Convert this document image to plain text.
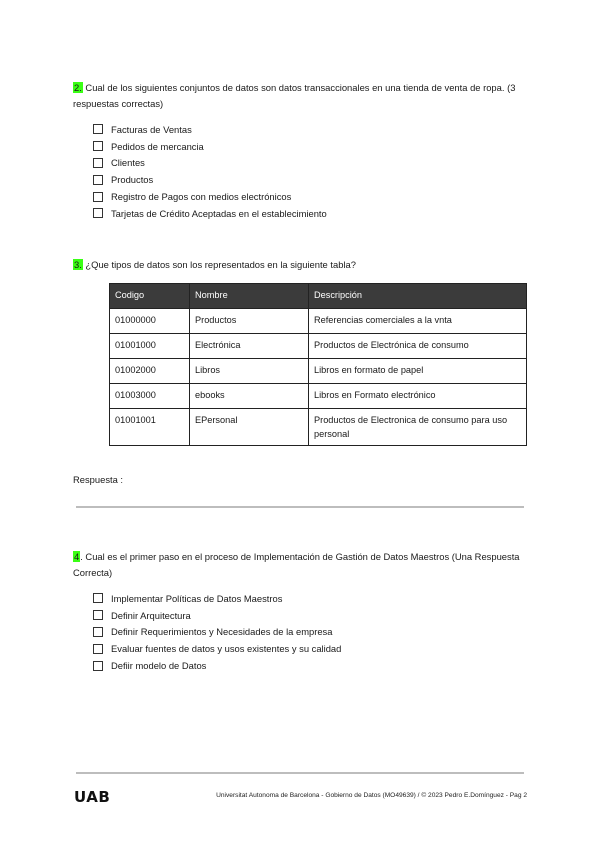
2. Cual de los siguientes conjuntos de datos son datos transaccionales en una tienda de venta de ropa. (3 respuestas correctas)
Facturas de Ventas
Pedidos de mercancia
Clientes
Productos
Registro de Pagos con medios electrónicos
Tarjetas de Crédito Aceptadas en el establecimiento
3. ¿Que tipos de datos son los representados en la siguiente tabla?
Codigo	Nombre	Descripción
01000000	Productos	Referencias comerciales a la vnta
01001000	Electrónica	Productos de Electrónica de consumo
01002000	Libros	Libros en formato de papel
01003000	ebooks	Libros en Formato electrónico
01001001	EPersonal	Productos de Electronica de consumo para uso personal
Respuesta :
4. Cual es el primer paso en el proceso de Implementación de Gastión de Datos Maestros (Una Respuesta Correcta)
Implementar Políticas de Datos Maestros
Definir Arquitectura
Definir Requerimientos y Necesidades de la empresa
Evaluar fuentes de datos y usos existentes y su calidad
Defiir modelo de Datos
UAB	Universitat Autonoma de Barcelona - Gobierno de Datos (MO49639) / © 2023 Pedro E.Domínguez - Pag 2
